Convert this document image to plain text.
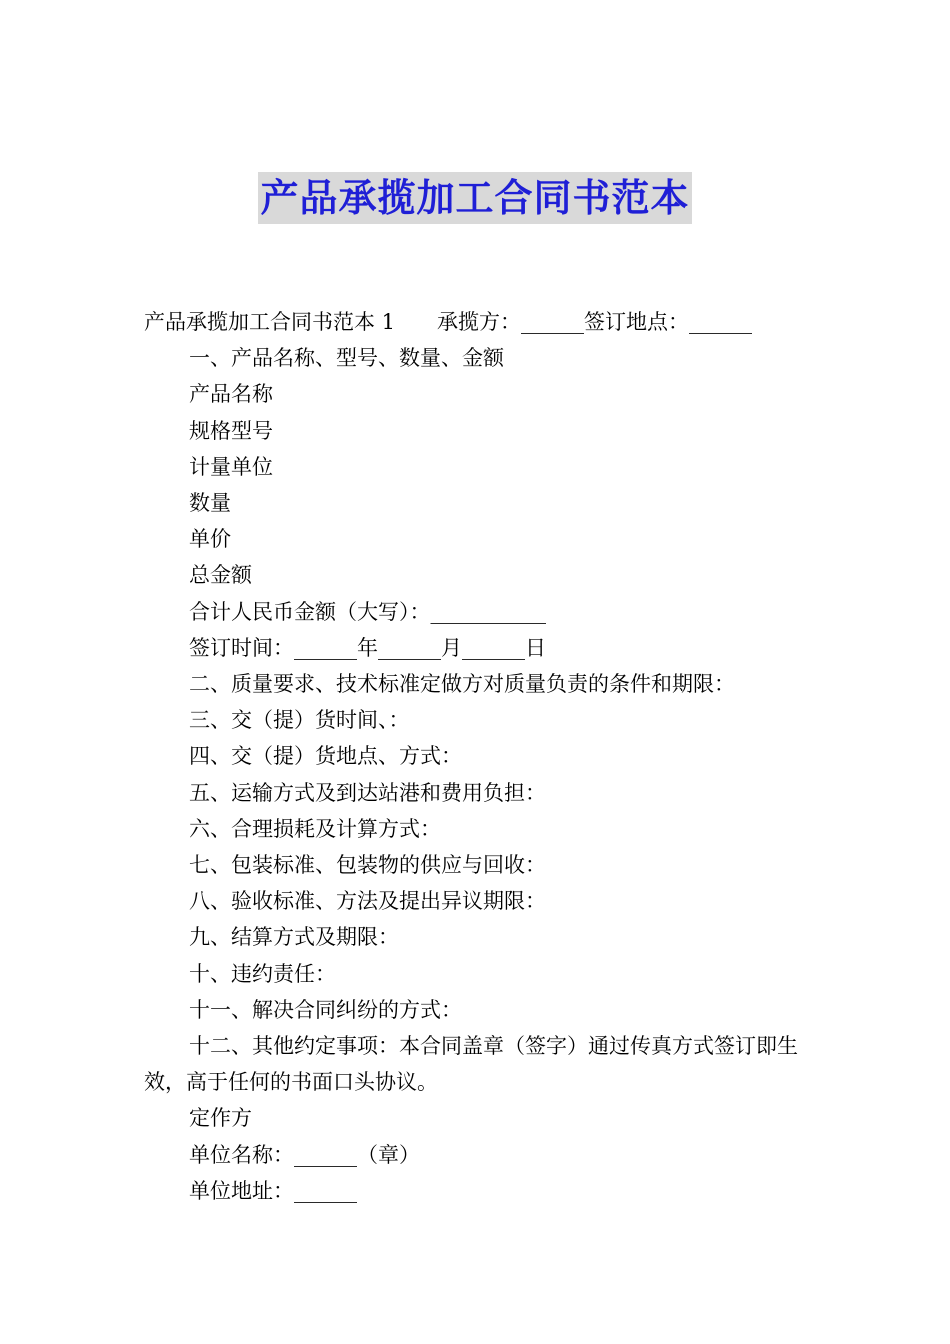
产品承揽加工合同书范本

产品承揽加工合同书范本 1 承揽方：______签订地点：______

一、产品名称、型号、数量、金额

产品名称

规格型号

计量单位

数量

单价

总金额

合计人民币金额（大写）：___________

签订时间：______年______月______日

二、质量要求、技术标准定做方对质量负责的条件和期限：

三、交（提）货时间、：

四、交（提）货地点、方式：

五、运输方式及到达站港和费用负担：

六、合理损耗及计算方式：

七、包装标准、包装物的供应与回收：

八、验收标准、方法及提出异议期限：

九、结算方式及期限：

十、违约责任：

十一、解决合同纠纷的方式：

十二、其他约定事项：本合同盖章（签字）通过传真方式签订即生效，高于任何的书面口头协议。

定作方

单位名称：______（章）

单位地址：______
